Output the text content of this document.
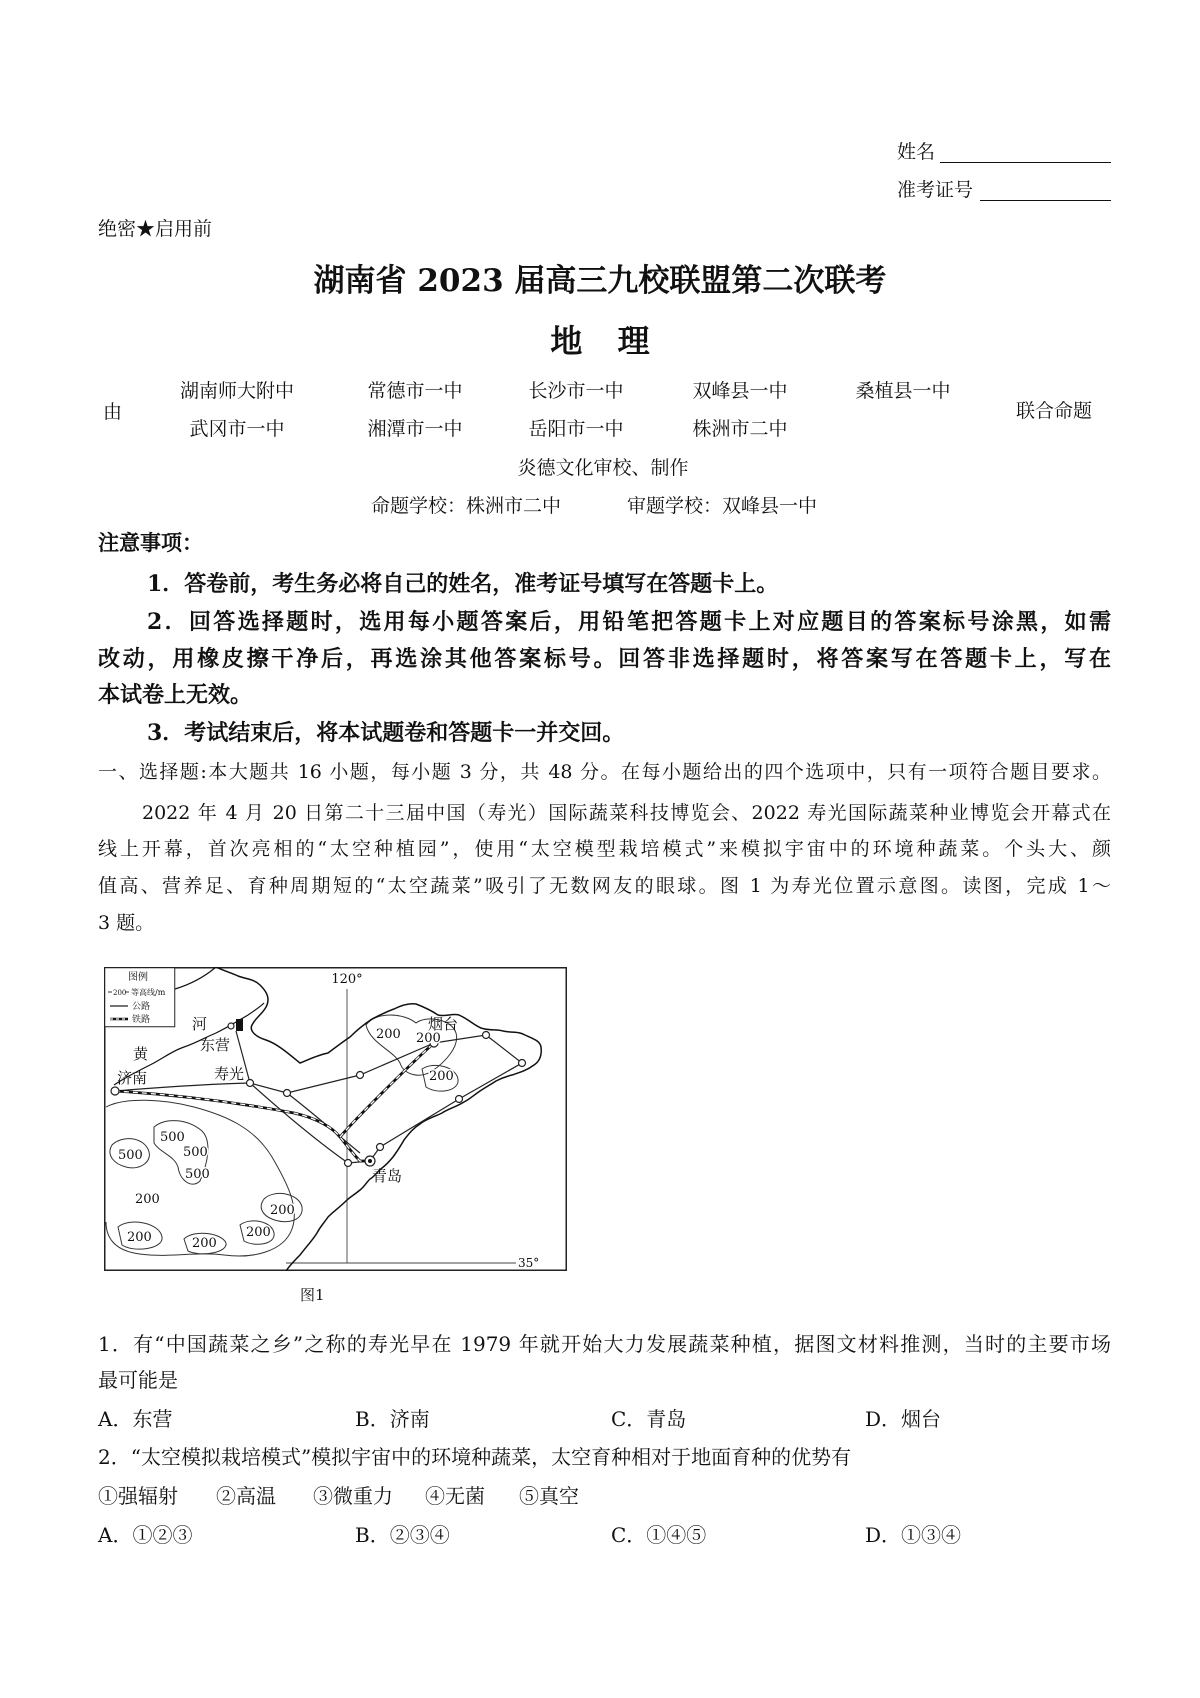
姓名
准考证号
绝密★启用前
湖南省 2023 届高三九校联盟第二次联考
地 理
由
湖南师大附中	常德市一中	长沙市一中	双峰县一中	桑植县一中
武冈市一中	湘潭市一中	岳阳市一中	株洲市二中
联合命题
炎德文化审校、制作
命题学校：株洲市二中	审题学校：双峰县一中
注意事项：
1．答卷前，考生务必将自己的姓名，准考证号填写在答题卡上。
2．回答选择题时，选用每小题答案后，用铅笔把答题卡上对应题目的答案标号涂黑，如需
改动，用橡皮擦干净后，再选涂其他答案标号。回答非选择题时，将答案写在答题卡上，写在
本试卷上无效。
3．考试结束后，将本试题卷和答题卡一并交回。
一、选择题:本大题共 16 小题，每小题 3 分，共 48 分。在每小题给出的四个选项中，只有一项符合题目要求。
2022 年 4 月 20 日第二十三届中国（寿光）国际蔬菜科技博览会、2022 寿光国际蔬菜种业博览会开幕式在
线上开幕，首次亮相的“太空种植园”，使用“太空模型栽培模式”来模拟宇宙中的环境种蔬菜。个头大、颜
值高、营养足、育种周期短的“太空蔬菜”吸引了无数网友的眼球。图 1 为寿光位置示意图。读图，完成 1～
3 题。
500
500
500
500
200
200
200
200	200
200 200
200
河
黄	东营
寿光
济南
烟台
青岛
120°
35°
图例
200 等高线/m
公路
铁路
图1
1．有“中国蔬菜之乡”之称的寿光早在 1979 年就开始大力发展蔬菜种植，据图文材料推测，当时的主要市场
最可能是
A．东营	B．济南	C．青岛	D．烟台
2．“太空模拟栽培模式”模拟宇宙中的环境种蔬菜，太空育种相对于地面育种的优势有
①强辐射 ②高温 ③微重力 ④无菌 ⑤真空
A．①②③	B．②③④	C．①④⑤	D．①③④
